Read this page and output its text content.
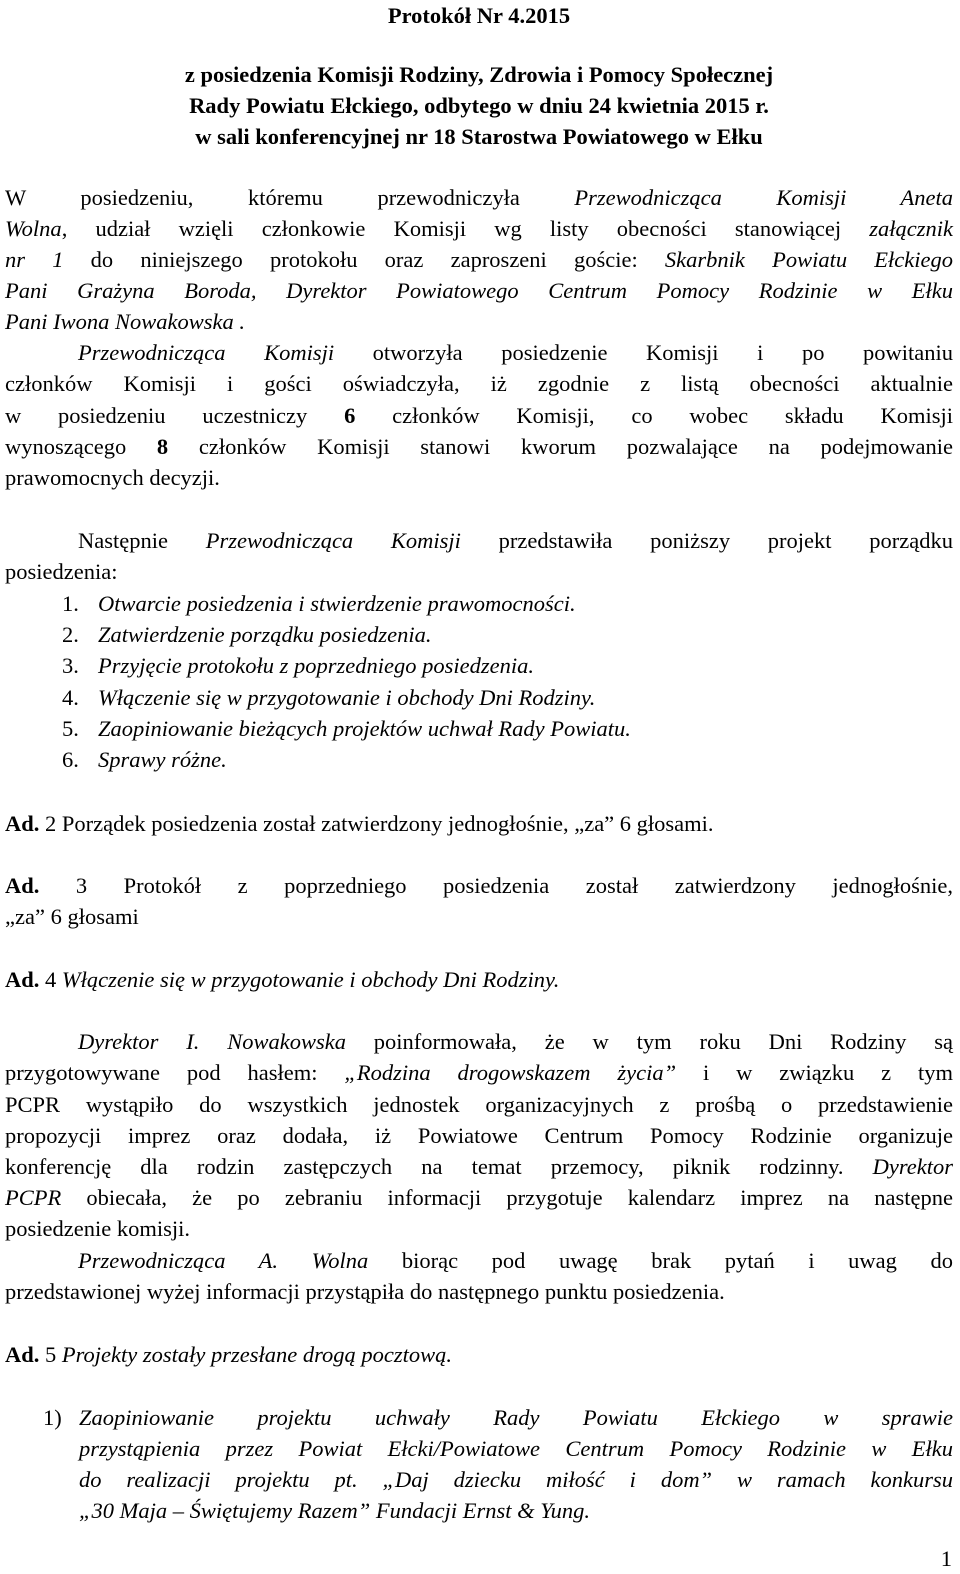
Protokół Nr 4.2015
z posiedzenia Komisji Rodziny, Zdrowia i Pomocy Społecznej
Rady Powiatu Ełckiego, odbytego w dniu 24 kwietnia 2015 r.
w sali konferencyjnej nr 18 Starostwa Powiatowego w Ełku
W posiedzeniu, któremu przewodniczyła Przewodnicząca Komisji Aneta
Wolna, udział wzięli członkowie Komisji wg listy obecności stanowiącej załącznik
nr 1 do niniejszego protokołu oraz zaproszeni goście: Skarbnik Powiatu Ełckiego
Pani Grażyna Boroda, Dyrektor Powiatowego Centrum Pomocy Rodzinie w Ełku
Pani Iwona Nowakowska .
Przewodnicząca Komisji otworzyła posiedzenie Komisji i po powitaniu
członków Komisji i gości oświadczyła, iż zgodnie z listą obecności aktualnie
w posiedzeniu uczestniczy 6 członków Komisji, co wobec składu Komisji
wynoszącego 8 członków Komisji stanowi kworum pozwalające na podejmowanie
prawomocnych decyzji.
Następnie Przewodnicząca Komisji przedstawiła poniższy projekt porządku
posiedzenia:
1. Otwarcie posiedzenia i stwierdzenie prawomocności.
2. Zatwierdzenie porządku posiedzenia.
3. Przyjęcie protokołu z poprzedniego posiedzenia.
4. Włączenie się w przygotowanie i obchody Dni Rodziny.
5. Zaopiniowanie bieżących projektów uchwał Rady Powiatu.
6. Sprawy różne.
Ad. 2 Porządek posiedzenia został zatwierdzony jednogłośnie, „za” 6 głosami.
Ad. 3 Protokół z poprzedniego posiedzenia został zatwierdzony jednogłośnie,
„za” 6 głosami
Ad. 4 Włączenie się w przygotowanie i obchody Dni Rodziny.
Dyrektor I. Nowakowska poinformowała, że w tym roku Dni Rodziny są
przygotowywane pod hasłem: „Rodzina drogowskazem życia” i w związku z tym
PCPR wystąpiło do wszystkich jednostek organizacyjnych z prośbą o przedstawienie
propozycji imprez oraz dodała, iż Powiatowe Centrum Pomocy Rodzinie organizuje
konferencję dla rodzin zastępczych na temat przemocy, piknik rodzinny. Dyrektor
PCPR obiecała, że po zebraniu informacji przygotuje kalendarz imprez na następne
posiedzenie komisji.
Przewodnicząca A. Wolna biorąc pod uwagę brak pytań i uwag do
przedstawionej wyżej informacji przystąpiła do następnego punktu posiedzenia.
Ad. 5 Projekty zostały przesłane drogą pocztową.
1) Zaopiniowanie projektu uchwały Rady Powiatu Ełckiego w sprawie
przystąpienia przez Powiat Ełcki/Powiatowe Centrum Pomocy Rodzinie w Ełku
do realizacji projektu pt. „Daj dziecku miłość i dom” w ramach konkursu
„30 Maja – Świętujemy Razem” Fundacji Ernst & Yung.
1
